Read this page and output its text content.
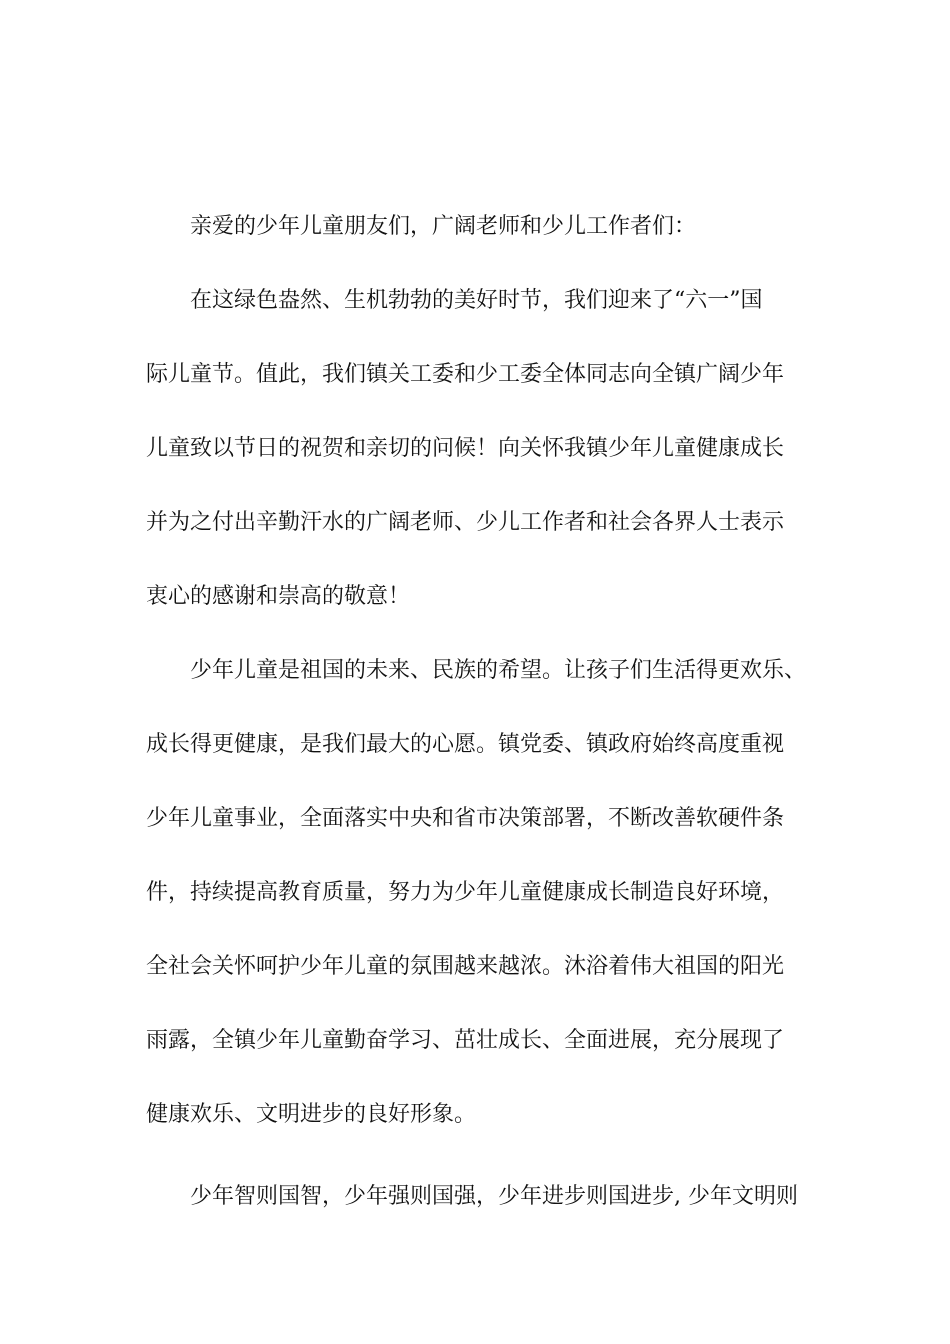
亲爱的少年儿童朋友们，广阔老师和少儿工作者们：
在这绿色盎然、生机勃勃的美好时节，我们迎来了“六一”国
际儿童节。值此，我们镇关工委和少工委全体同志向全镇广阔少年
儿童致以节日的祝贺和亲切的问候！向关怀我镇少年儿童健康成长
并为之付出辛勤汗水的广阔老师、少儿工作者和社会各界人士表示
衷心的感谢和崇高的敬意！
少年儿童是祖国的未来、民族的希望。让孩子们生活得更欢乐、
成长得更健康，是我们最大的心愿。镇党委、镇政府始终高度重视
少年儿童事业，全面落实中央和省市决策部署，不断改善软硬件条
件，持续提高教育质量，努力为少年儿童健康成长制造良好环境，
全社会关怀呵护少年儿童的氛围越来越浓。沐浴着伟大祖国的阳光
雨露，全镇少年儿童勤奋学习、茁壮成长、全面进展，充分展现了
健康欢乐、文明进步的良好形象。
少年智则国智，少年强则国强，少年进步则国进步, 少年文明则
